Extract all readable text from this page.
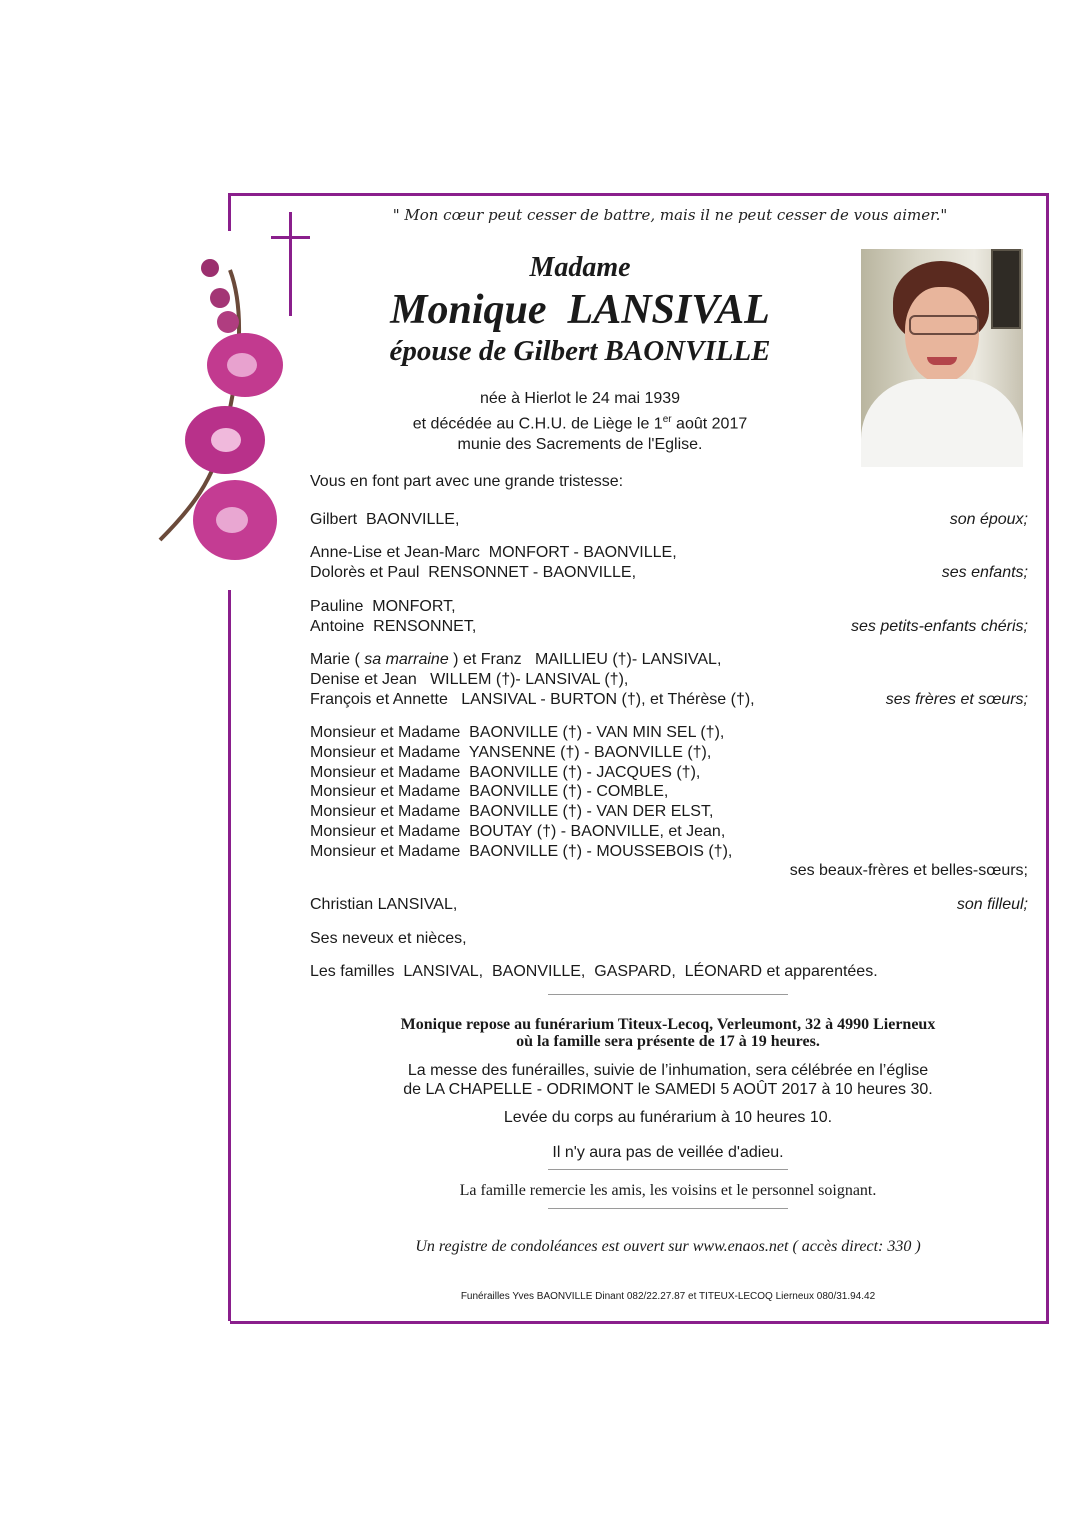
" Mon cœur peut cesser de battre, mais il ne peut cesser de vous aimer."
Madame
Monique  LANSIVAL
épouse de Gilbert BAONVILLE
née à Hierlot le 24 mai 1939
et décédée au C.H.U. de Liège le 1er août 2017
munie des Sacrements de l'Eglise.
Vous en font part avec une grande tristesse:
Gilbert  BAONVILLE,	son époux;
Anne-Lise et Jean-Marc  MONFORT - BAONVILLE,
Dolorès et Paul  RENSONNET - BAONVILLE,	ses enfants;
Pauline  MONFORT,
Antoine  RENSONNET,	ses petits-enfants chéris;
Marie ( sa marraine ) et Franz   MAILLIEU (†)- LANSIVAL,
Denise et Jean   WILLEM (†)- LANSIVAL (†),
François et Annette   LANSIVAL - BURTON (†), et Thérèse (†),	ses frères et sœurs;
Monsieur et Madame  BAONVILLE (†) - VAN MIN SEL (†),
Monsieur et Madame  YANSENNE (†) - BAONVILLE (†),
Monsieur et Madame  BAONVILLE (†) - JACQUES (†),
Monsieur et Madame  BAONVILLE (†) - COMBLE,
Monsieur et Madame  BAONVILLE (†) - VAN DER ELST,
Monsieur et Madame  BOUTAY (†) - BAONVILLE, et Jean,
Monsieur et Madame  BAONVILLE (†) - MOUSSEBOIS (†),
ses beaux-frères et belles-sœurs;
Christian LANSIVAL,	son filleul;
Ses neveux et nièces,
Les familles  LANSIVAL,  BAONVILLE,  GASPARD,  LÉONARD et apparentées.
Monique repose au funérarium Titeux-Lecoq, Verleumont, 32 à 4990 Lierneux
où la famille sera présente de 17 à 19 heures.
La messe des funérailles, suivie de l’inhumation, sera célébrée en l’église
de LA CHAPELLE - ODRIMONT le SAMEDI 5 AOÛT 2017 à 10 heures 30.
Levée du corps au funérarium à 10 heures 10.
Il n'y aura pas de veillée d'adieu.
La famille remercie les amis, les voisins et le personnel soignant.
Un registre de condoléances est ouvert sur www.enaos.net ( accès direct: 330 )
Funérailles Yves BAONVILLE Dinant 082/22.27.87 et TITEUX-LECOQ Lierneux 080/31.94.42
